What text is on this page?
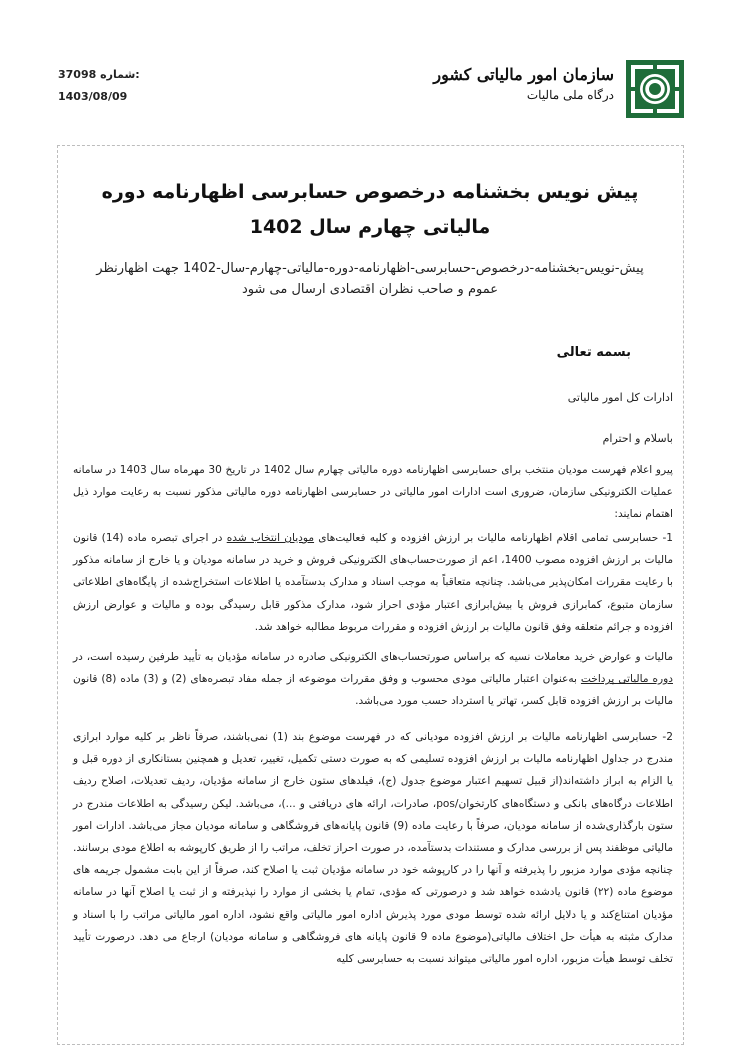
37098 شماره:
1403/08/09
سازمان امور مالیاتی کشور
درگاه ملی مالیات
پیش نویس بخشنامه درخصوص حسابرسی اظهارنامه دوره مالیاتی چهارم سال 1402
پیش-نویس-بخشنامه-درخصوص-حسابرسی-اظهارنامه-دوره-مالیاتی-چهارم-سال-1402 جهت اظهارنظر عموم و صاحب نظران اقتصادی ارسال می شود
بسمه تعالی
ادارات کل امور مالیاتی
باسلام و احترام

پیرو اعلام فهرست مودیان منتخب برای حسابرسی اظهارنامه دوره مالیاتی چهارم سال 1402 در تاریخ 30 مهرماه سال 1403 در سامانه عملیات الکترونیکی سازمان، ضروری است ادارات امور مالیاتی در حسابرسی اظهارنامه دوره مالیاتی مذکور نسبت به رعایت موارد ذیل اهتمام نمایند:

1- حسابرسی تمامی اقلام اظهارنامه مالیات بر ارزش افزوده و کلیه فعالیت‌های مودیان انتخاب شده در اجرای تبصره ماده (14) قانون مالیات بر ارزش افزوده مصوب 1400، اعم از صورت‌حساب‌های الکترونیکی فروش و خرید در سامانه مودیان و یا خارج از سامانه مذکور با رعایت مقررات امکان‌پذیر می‌باشد. چنانچه متعاقباً به موجب اسناد و مدارک بدستآمده یا اطلاعات استخراج‌شده از پایگاه‌های اطلاعاتی سازمان متبوع، کمابرازی فروش یا بیش‌ابرازی اعتبار مؤدی احراز شود، مدارک مذکور قابل رسیدگی بوده و مالیات و عوارض ارزش افزوده و جرائم متعلقه وفق قانون مالیات بر ارزش افزوده و مقررات مربوط مطالبه خواهد شد.

مالیات و عوارض خرید معاملات نسیه که براساس صورتحساب‌های الکترونیکی صادره در سامانه مؤدیان به تأیید طرفین رسیده است، در دوره مالیاتی پرداخت به‌عنوان اعتبار مالیاتی مودی محسوب و وفق مقررات موضوعه از جمله مفاد تبصره‌های (2) و (3) ماده (8) قانون مالیات بر ارزش افزوده قابل کسر، تهاتر یا استرداد حسب مورد می‌باشد.

2- حسابرسی اظهارنامه مالیات بر ارزش افزوده مودیانی که در فهرست موضوع بند (1) نمی‌باشند، صرفاً ناظر بر کلیه موارد ابرازی مندرج در جداول اظهارنامه مالیات بر ارزش افزوده تسلیمی که به صورت دستی تکمیل، تغییر، تعدیل و همچنین بستانکاری از دوره قبل و یا الزام به ابراز داشته‌اند(از قبیل تسهیم اعتبار موضوع جدول (ج)، فیلدهای ستون خارج از سامانه مؤدیان، ردیف تعدیلات، اصلاح ردیف اطلاعات درگاه‌های بانکی و دستگاه‌های کارتخوان/pos، صادرات، ارائه های دریافتی و ...)، می‌باشد. لیکن رسیدگی به اطلاعات مندرج در ستون بارگذاری‌شده از سامانه مودیان، صرفاً با رعایت ماده (9) قانون پایانه‌های فروشگاهی و سامانه مودیان مجاز می‌باشد. ادارات امور مالیاتی موظفند پس از بررسی مدارک و مستندات بدستآمده، در صورت احراز تخلف، مراتب را از طریق کارپوشه به اطلاع مودی برسانند. چنانچه مؤدی موارد مزبور را پذیرفته و آنها را در کارپوشه خود در سامانه مؤدیان ثبت یا اصلاح کند، صرفاً از این بابت مشمول جریمه های موضوع ماده (۲۲) قانون یادشده خواهد شد و درصورتی که مؤدی، تمام یا بخشی از موارد را نپذیرفته و از ثبت یا اصلاح آنها در سامانه مؤدیان امتناع‌کند و یا دلایل ارائه شده توسط مودی مورد پذیرش اداره امور مالیاتی واقع نشود، اداره امور مالیاتی مراتب را با اسناد و مدارک مثبته به هیأت حل اختلاف مالیاتی(موضوع ماده 9 قانون پایانه های فروشگاهی و سامانه مودیان) ارجاع می دهد. درصورت تأیید تخلف توسط هیأت مزبور، اداره امور مالیاتی میتواند نسبت به حسابرسی کلیه
